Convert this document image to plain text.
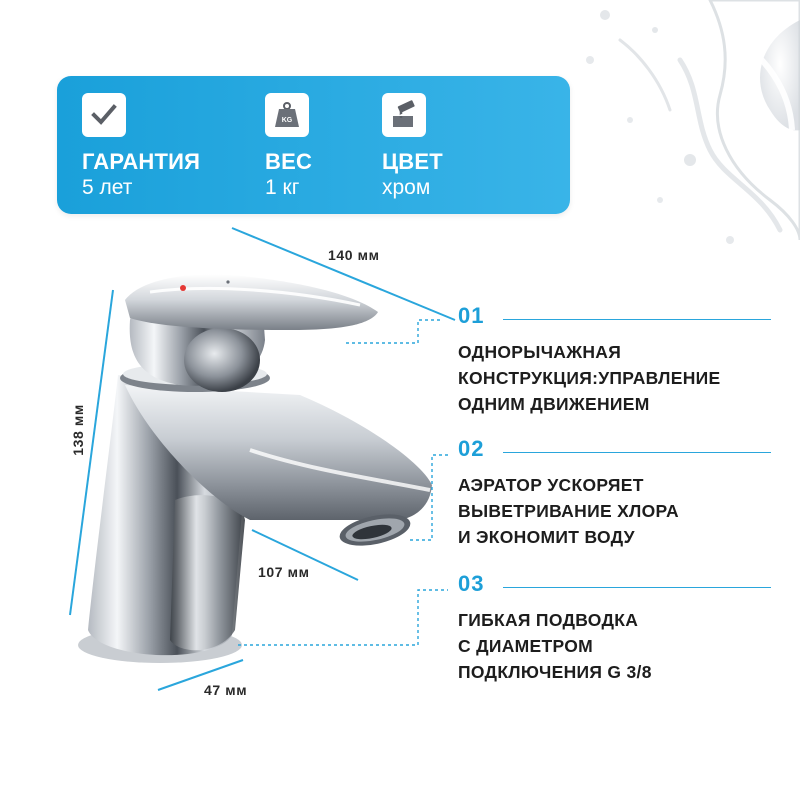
ГАРАНТИЯ
5 лет
KG
ВЕС
1 кг
ЦВЕТ
хром
140 мм
138 мм
107 мм
47 мм
01
ОДНОРЫЧАЖНАЯ
КОНСТРУКЦИЯ:УПРАВЛЕНИЕ
ОДНИМ ДВИЖЕНИЕМ
02
АЭРАТОР УСКОРЯЕТ
ВЫВЕТРИВАНИЕ ХЛОРА
И ЭКОНОМИТ ВОДУ
03
ГИБКАЯ ПОДВОДКА
С ДИАМЕТРОМ
ПОДКЛЮЧЕНИЯ G 3/8
